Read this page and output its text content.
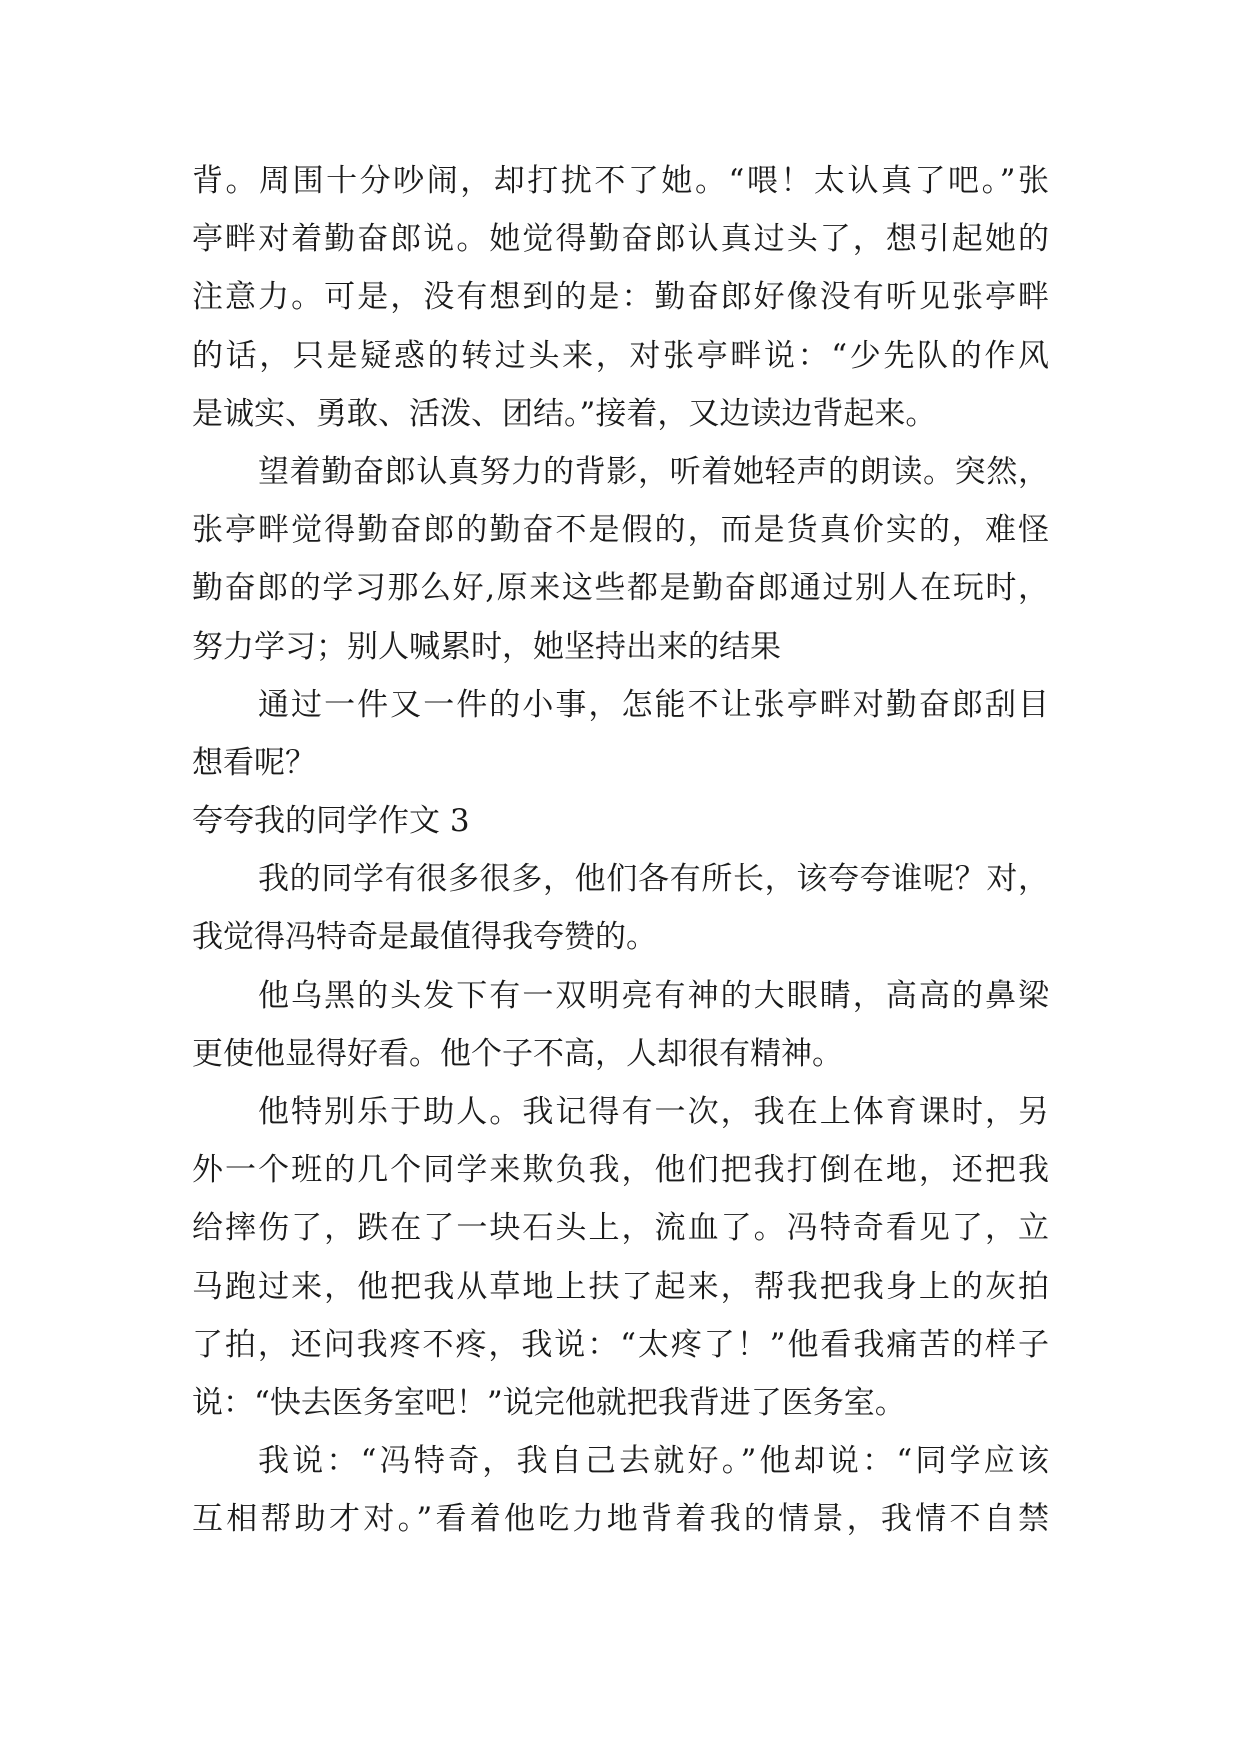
背。周围十分吵闹，却打扰不了她。“喂！太认真了吧。”张
亭畔对着勤奋郎说。她觉得勤奋郎认真过头了，想引起她的
注意力。可是，没有想到的是：勤奋郎好像没有听见张亭畔
的话，只是疑惑的转过头来，对张亭畔说：“少先队的作风
是诚实、勇敢、活泼、团结。”接着，又边读边背起来。
望着勤奋郎认真努力的背影，听着她轻声的朗读。突然，
张亭畔觉得勤奋郎的勤奋不是假的，而是货真价实的，难怪
勤奋郎的学习那么好,原来这些都是勤奋郎通过别人在玩时，
努力学习；别人喊累时，她坚持出来的结果
通过一件又一件的小事，怎能不让张亭畔对勤奋郎刮目
想看呢？
夸夸我的同学作文 3
我的同学有很多很多，他们各有所长，该夸夸谁呢？对，
我觉得冯特奇是最值得我夸赞的。
他乌黑的头发下有一双明亮有神的大眼睛，高高的鼻梁
更使他显得好看。他个子不高，人却很有精神。
他特别乐于助人。我记得有一次，我在上体育课时，另
外一个班的几个同学来欺负我，他们把我打倒在地，还把我
给摔伤了，跌在了一块石头上，流血了。冯特奇看见了，立
马跑过来，他把我从草地上扶了起来，帮我把我身上的灰拍
了拍，还问我疼不疼，我说：“太疼了！”他看我痛苦的样子
说：“快去医务室吧！”说完他就把我背进了医务室。
我说：“冯特奇，我自己去就好。”他却说：“同学应该
互相帮助才对。”看着他吃力地背着我的情景，我情不自禁
